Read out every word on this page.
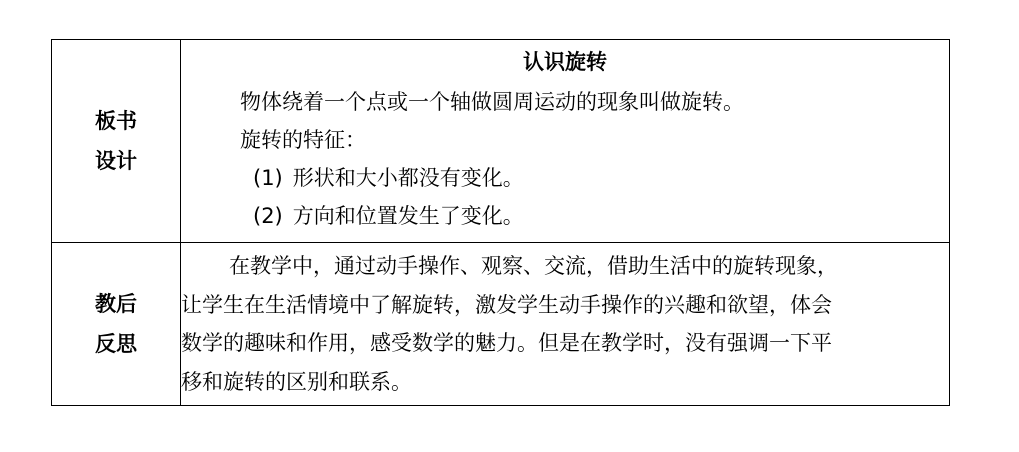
板书
设计	认识旋转
物体绕着一个点或一个轴做圆周运动的现象叫做旋转。
旋转的特征：
(1) 形状和大小都没有变化。
(2) 方向和位置发生了变化。

教后
反思	在教学中，通过动手操作、观察、交流，借助生活中的旋转现象，
让学生在生活情境中了解旋转，激发学生动手操作的兴趣和欲望，体会
数学的趣味和作用，感受数学的魅力。但是在教学时，没有强调一下平
移和旋转的区别和联系。
